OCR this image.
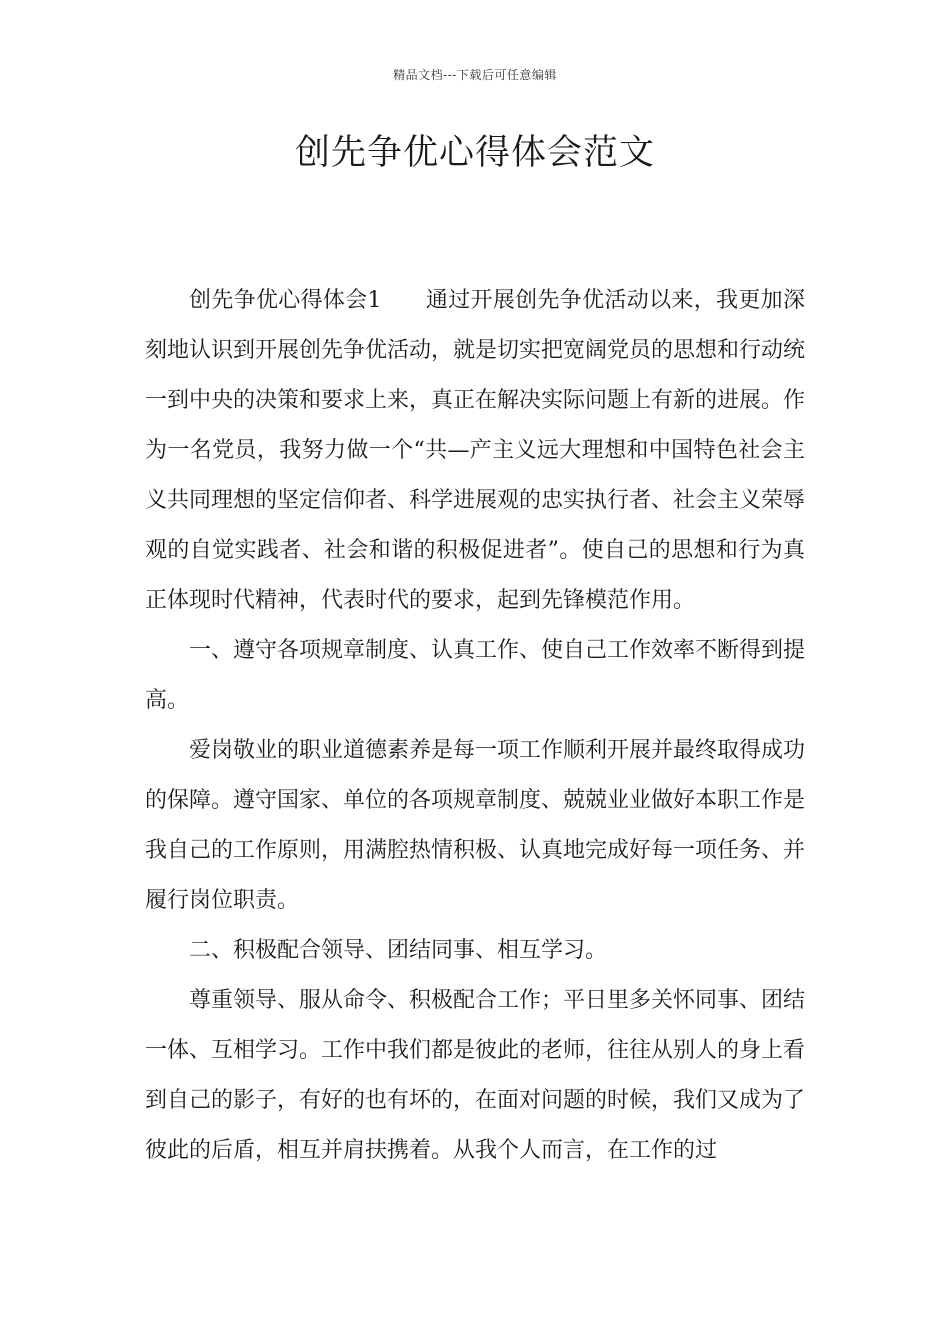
精品文档---下载后可任意编辑
创先争优心得体会范文

创先争优心得体会1 通过开展创先争优活动以来，我更加深刻地认识到开展创先争优活动，就是切实把宽阔党员的思想和行动统一到中央的决策和要求上来，真正在解决实际问题上有新的进展。作为一名党员，我努力做一个“共—产主义远大理想和中国特色社会主义共同理想的坚定信仰者、科学进展观的忠实执行者、社会主义荣辱观的自觉实践者、社会和谐的积极促进者”。使自己的思想和行为真正体现时代精神，代表时代的要求，起到先锋模范作用。

一、遵守各项规章制度、认真工作、使自己工作效率不断得到提高。

爱岗敬业的职业道德素养是每一项工作顺利开展并最终取得成功的保障。遵守国家、单位的各项规章制度、兢兢业业做好本职工作是我自己的工作原则，用满腔热情积极、认真地完成好每一项任务、并履行岗位职责。

二、积极配合领导、团结同事、相互学习。

尊重领导、服从命令、积极配合工作；平日里多关怀同事、团结一体、互相学习。工作中我们都是彼此的老师，往往从别人的身上看到自己的影子，有好的也有坏的，在面对问题的时候，我们又成为了彼此的后盾，相互并肩扶携着。从我个人而言，在工作的过
